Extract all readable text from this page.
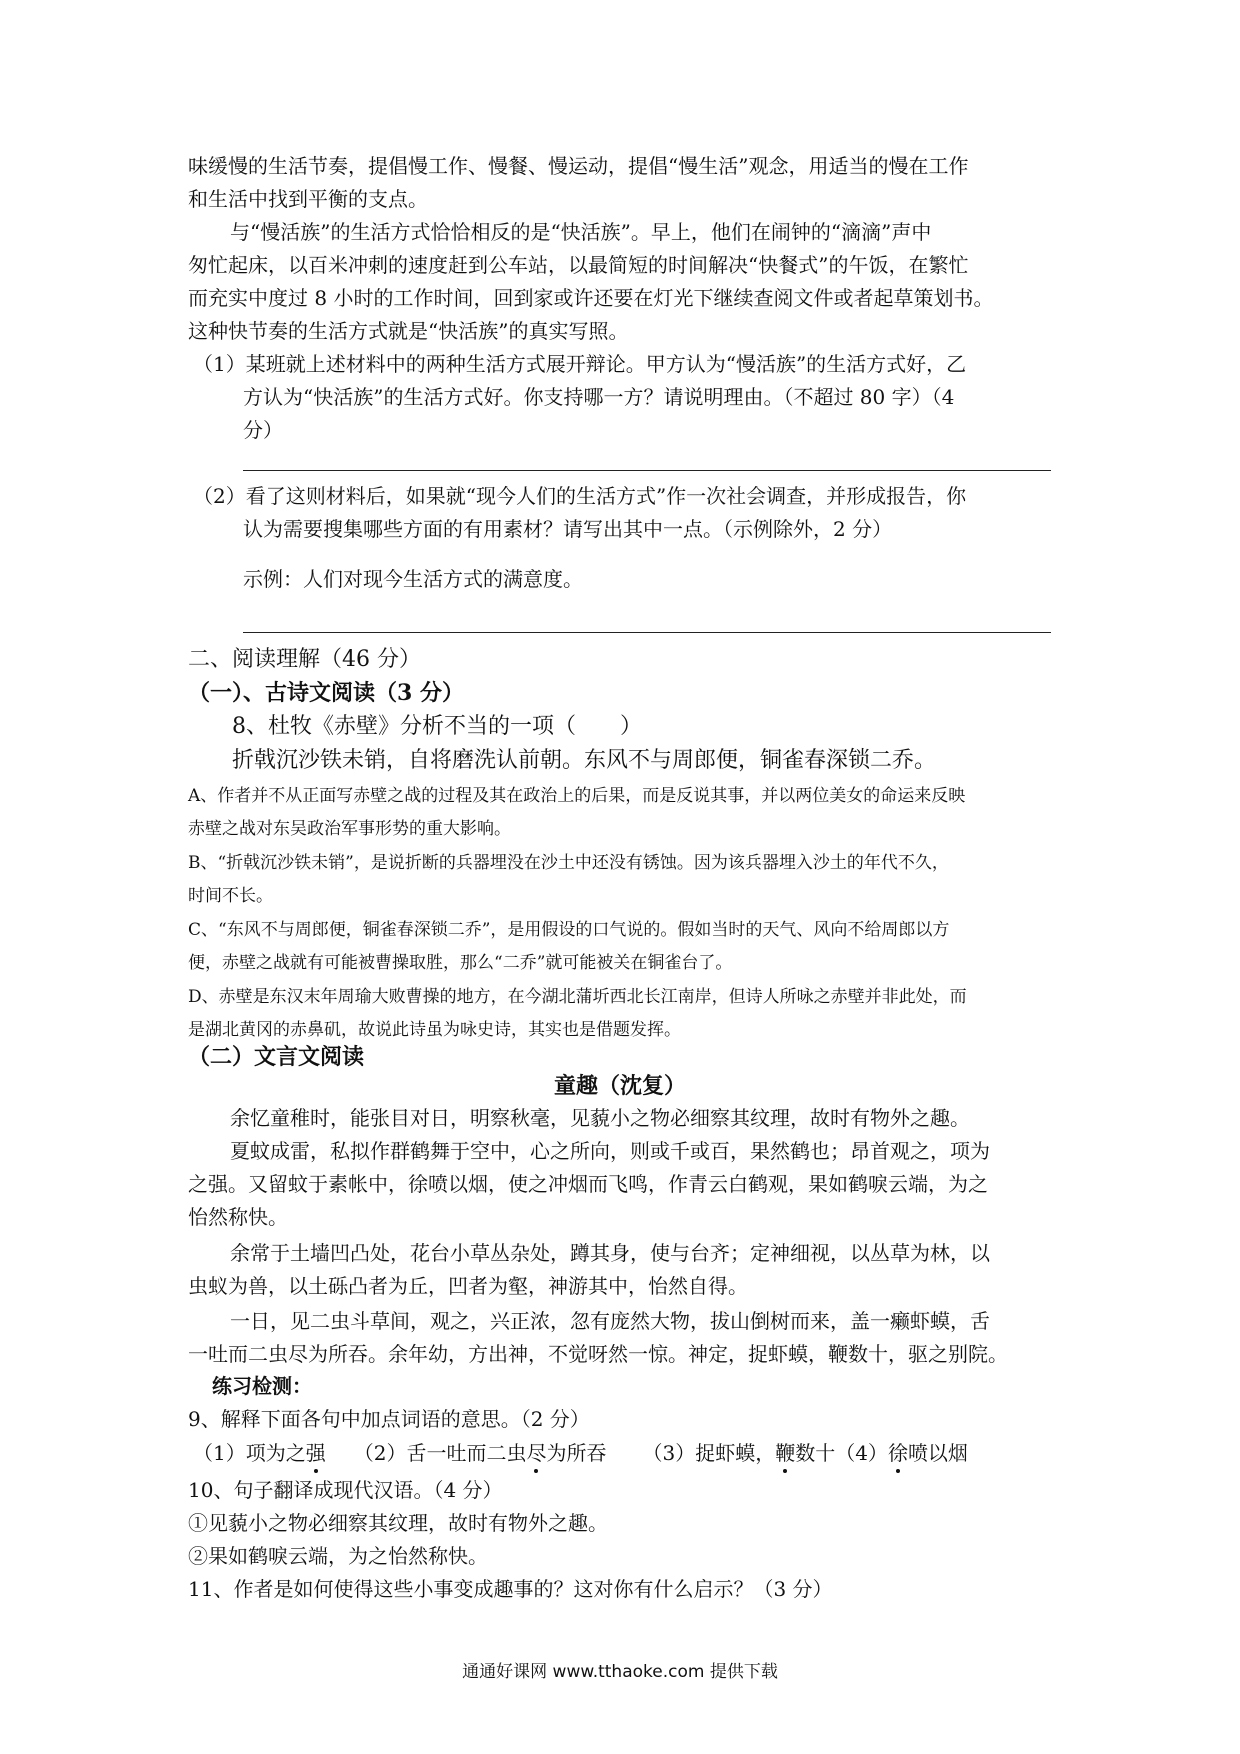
味缓慢的生活节奏，提倡慢工作、慢餐、慢运动，提倡“慢生活”观念，用适当的慢在工作
和生活中找到平衡的支点。
与“慢活族”的生活方式恰恰相反的是“快活族”。早上，他们在闹钟的“滴滴”声中
匆忙起床，以百米冲刺的速度赶到公车站，以最简短的时间解决“快餐式”的午饭，在繁忙
而充实中度过 8 小时的工作时间，回到家或许还要在灯光下继续查阅文件或者起草策划书。
这种快节奏的生活方式就是“快活族”的真实写照。
（1）某班就上述材料中的两种生活方式展开辩论。甲方认为“慢活族”的生活方式好，乙
方认为“快活族”的生活方式好。你支持哪一方？请说明理由。（不超过 80 字）（4
分）
（2）看了这则材料后，如果就“现今人们的生活方式”作一次社会调查，并形成报告，你
认为需要搜集哪些方面的有用素材？请写出其中一点。（示例除外，2 分）
示例：人们对现今生活方式的满意度。
二、阅读理解（46 分）
（一）、古诗文阅读（3 分）
8、杜牧《赤壁》分析不当的一项（　　）
折戟沉沙铁未销，自将磨洗认前朝。东风不与周郎便，铜雀春深锁二乔。
A、作者并不从正面写赤壁之战的过程及其在政治上的后果，而是反说其事，并以两位美女的命运来反映
赤壁之战对东吴政治军事形势的重大影响。
B、“折戟沉沙铁未销”，是说折断的兵器埋没在沙土中还没有锈蚀。因为该兵器埋入沙土的年代不久，
时间不长。
C、“东风不与周郎便，铜雀春深锁二乔”，是用假设的口气说的。假如当时的天气、风向不给周郎以方
便，赤壁之战就有可能被曹操取胜，那么“二乔”就可能被关在铜雀台了。
D、赤壁是东汉末年周瑜大败曹操的地方，在今湖北蒲圻西北长江南岸，但诗人所咏之赤壁并非此处，而
是湖北黄冈的赤鼻矶，故说此诗虽为咏史诗，其实也是借题发挥。
（二）文言文阅读
童趣（沈复）
余忆童稚时，能张目对日，明察秋毫，见藐小之物必细察其纹理，故时有物外之趣。
夏蚊成雷，私拟作群鹤舞于空中，心之所向，则或千或百，果然鹤也；昂首观之，项为
之强。又留蚊于素帐中，徐喷以烟，使之冲烟而飞鸣，作青云白鹤观，果如鹤唳云端，为之
怡然称快。
余常于土墙凹凸处，花台小草丛杂处，蹲其身，使与台齐；定神细视，以丛草为林，以
虫蚁为兽，以土砾凸者为丘，凹者为壑，神游其中，怡然自得。
一日，见二虫斗草间，观之，兴正浓，忽有庞然大物，拔山倒树而来，盖一癞虾蟆，舌
一吐而二虫尽为所吞。余年幼，方出神，不觉呀然一惊。神定，捉虾蟆，鞭数十，驱之别院。
练习检测：
9、解释下面各句中加点词语的意思。（2 分）
（1）项为之强 （2）舌一吐而二虫尽为所吞 （3）捉虾蟆，鞭数十（4）徐喷以烟
10、句子翻译成现代汉语。（4 分）
①见藐小之物必细察其纹理，故时有物外之趣。
②果如鹤唳云端，为之怡然称快。
11、作者是如何使得这些小事变成趣事的？这对你有什么启示？（3 分）
通通好课网 www.tthaoke.com 提供下载
